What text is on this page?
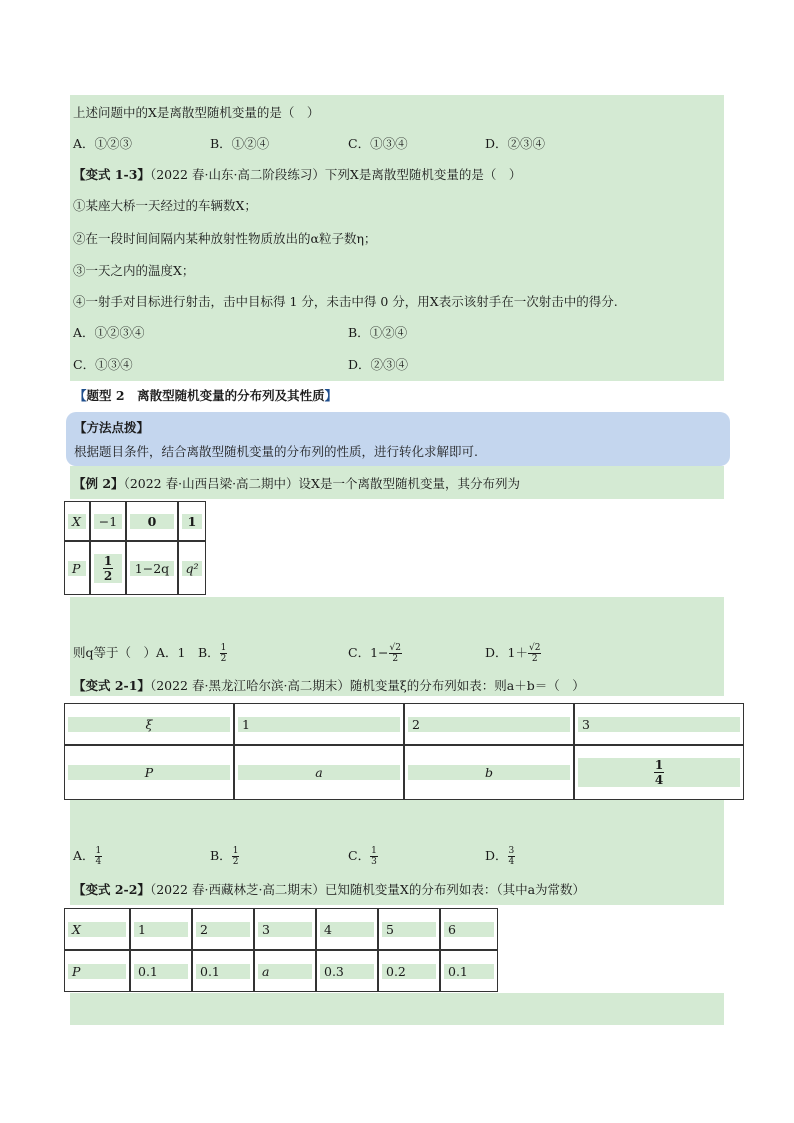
上述问题中的X是离散型随机变量的是（　）
A．①②③	B．①②④	C．①③④	D．②③④
【变式 1-3】（2022 春·山东·高二阶段练习）下列X是离散型随机变量的是（　）
①某座大桥一天经过的车辆数X；
②在一段时间间隔内某种放射性物质放出的α粒子数η；
③一天之内的温度X；
④一射手对目标进行射击，击中目标得 1 分，未击中得 0 分，用X表示该射手在一次射击中的得分.
A．①②③④	B．①②④
C．①③④	D．②③④
【题型 2　离散型随机变量的分布列及其性质】
【方法点拨】
根据题目条件，结合离散型随机变量的分布列的性质，进行转化求解即可.
【例 2】（2022 春·山西吕梁·高二期中）设X是一个离散型随机变量，其分布列为
X	−1	0	1

P	$\frac{1}{2}$	1−2q	q²
则q等于（　）A．1　B． $\frac{1}{2}$	C．$1- \frac{√2}{2}$	D．$1+ \frac{√2}{2}$
【变式 2-1】（2022 春·黑龙江哈尔滨·高二期末）随机变量ξ的分布列如表：则a＋b＝（　）
ξ	1	2	3

P	a	b	$\frac{1}{4}$
A． $\frac{1}{4}$	B． $\frac{1}{2}$	C． $\frac{1}{3}$	D． $\frac{3}{4}$
【变式 2-2】（2022 春·西藏林芝·高二期末）已知随机变量X的分布列如表：（其中a为常数）
X	1	2	3	4	5	6

P	0.1	0.1	a	0.3	0.2	0.1
